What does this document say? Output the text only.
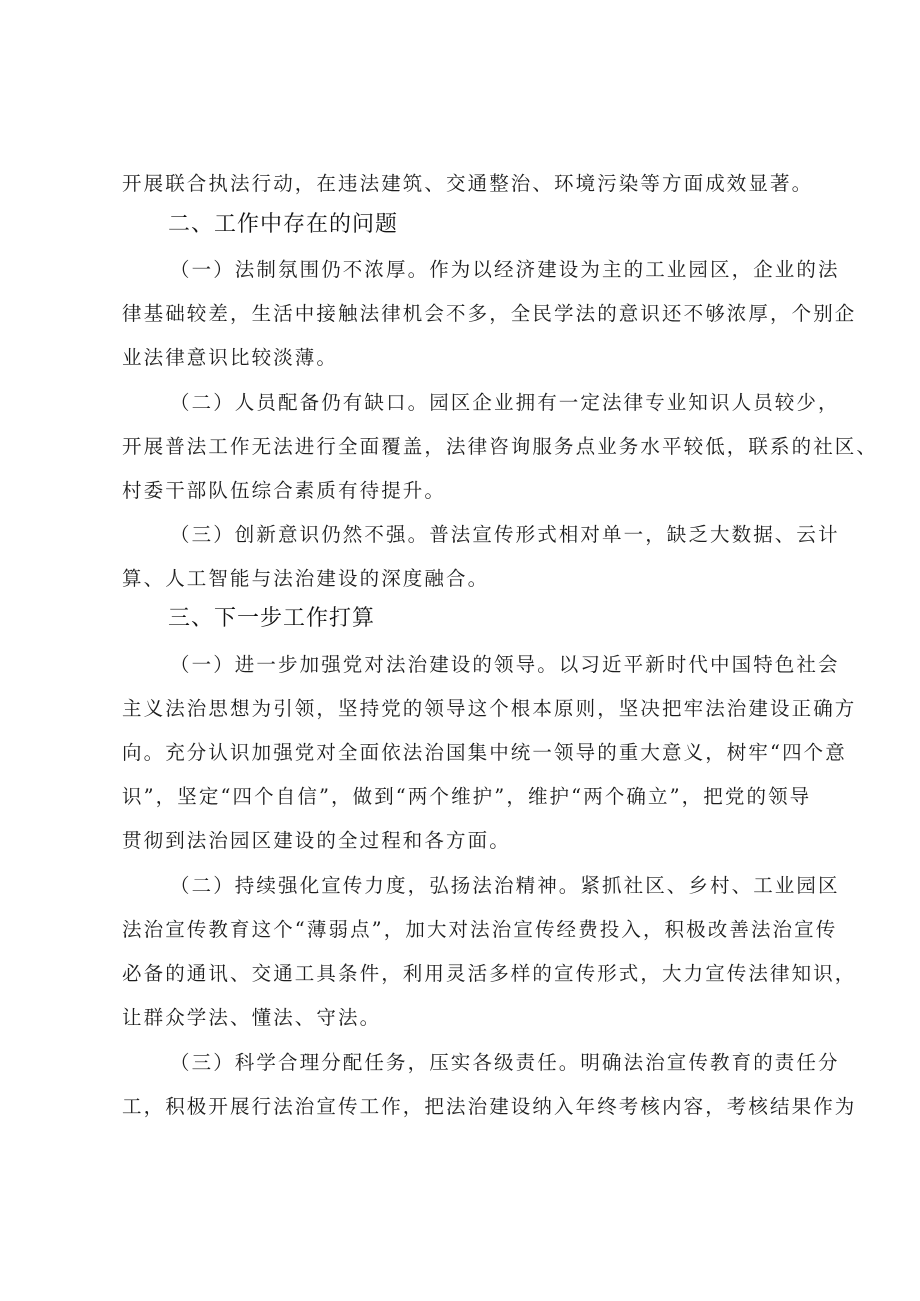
开展联合执法行动，在违法建筑、交通整治、环境污染等方面成效显著。
二、工作中存在的问题
（一）法制氛围仍不浓厚。作为以经济建设为主的工业园区，企业的法
律基础较差，生活中接触法律机会不多，全民学法的意识还不够浓厚，个别企
业法律意识比较淡薄。
（二）人员配备仍有缺口。园区企业拥有一定法律专业知识人员较少，
开展普法工作无法进行全面覆盖，法律咨询服务点业务水平较低，联系的社区、
村委干部队伍综合素质有待提升。
（三）创新意识仍然不强。普法宣传形式相对单一，缺乏大数据、云计
算、人工智能与法治建设的深度融合。
三、下一步工作打算
（一）进一步加强党对法治建设的领导。以习近平新时代中国特色社会
主义法治思想为引领，坚持党的领导这个根本原则，坚决把牢法治建设正确方
向。充分认识加强党对全面依法治国集中统一领导的重大意义，树牢“四个意
识”，坚定“四个自信”，做到“两个维护”，维护“两个确立”，把党的领导
贯彻到法治园区建设的全过程和各方面。
（二）持续强化宣传力度，弘扬法治精神。紧抓社区、乡村、工业园区
法治宣传教育这个“薄弱点”，加大对法治宣传经费投入，积极改善法治宣传
必备的通讯、交通工具条件，利用灵活多样的宣传形式，大力宣传法律知识，
让群众学法、懂法、守法。
（三）科学合理分配任务，压实各级责任。明确法治宣传教育的责任分
工，积极开展行法治宣传工作，把法治建设纳入年终考核内容，考核结果作为
